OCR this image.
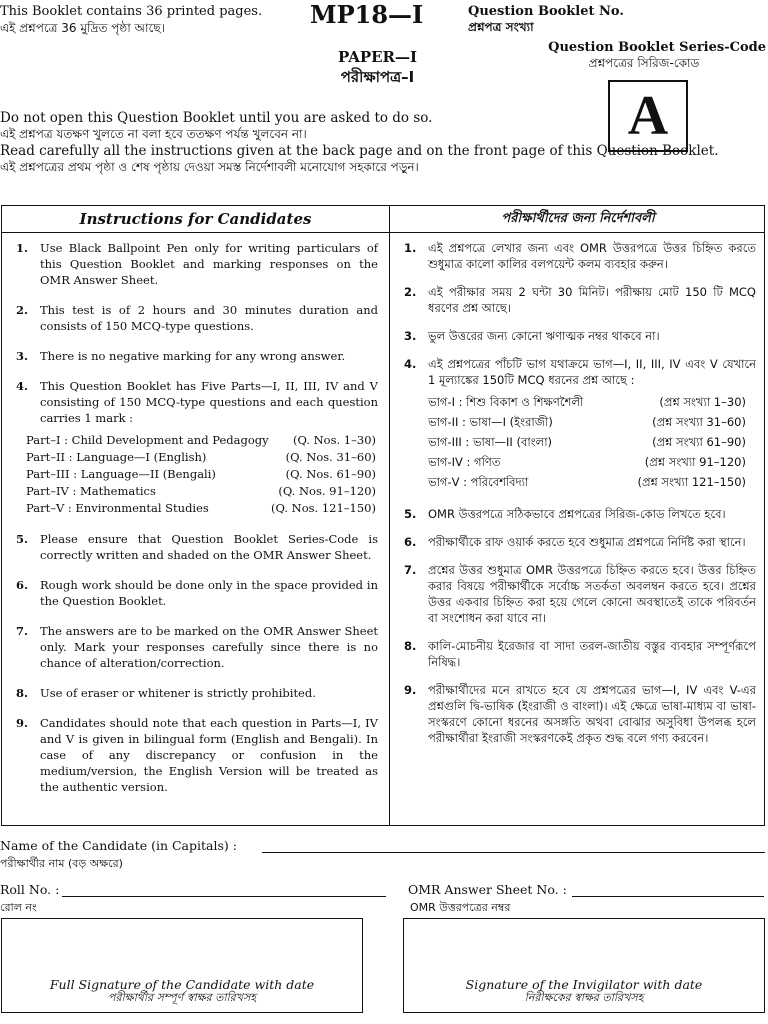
This Booklet contains 36 printed pages.
এই প্রশ্নপত্রে 36 মুদ্রিত পৃষ্ঠা আছে।	MP18—I
PAPER—I
পরীক্ষাপত্র–I
Question Booklet No.
প্রশ্নপত্র সংখ্যা
Question Booklet Series-Code
প্রশ্নপত্রের সিরিজ-কোড
A

Do not open this Question Booklet until you are asked to do so.

এই প্রশ্নপত্র যতক্ষণ খুলতে না বলা হবে ততক্ষণ পর্যন্ত খুলবেন না।

Read carefully all the instructions given at the back page and on the front page of this Question Booklet.

এই প্রশ্নপত্রের প্রথম পৃষ্ঠা ও শেষ পৃষ্ঠায় দেওয়া সমস্ত নির্দেশাবলী মনোযোগ সহকারে পড়ুন।

Instructions for Candidates	পরীক্ষার্থীদের জন্য নির্দেশাবলী
1.	Use Black Ballpoint Pen only for writing particulars of this Question Booklet and marking responses on the OMR Answer Sheet.
2.	This test is of 2 hours and 30 minutes duration and consists of 150 MCQ-type questions.
3.	There is no negative marking for any wrong answer.
4.	This Question Booklet has Five Parts—I, II, III, IV and V consisting of 150 MCQ-type questions and each question carries 1 mark :
Part–I : Child Development and Pedagogy (Q. Nos. 1–30)
Part–II : Language—I (English)	(Q. Nos. 31–60)
Part–III : Language—II (Bengali)	(Q. Nos. 61–90)
Part–IV : Mathematics	(Q. Nos. 91–120)
Part–V : Environmental Studies	(Q. Nos. 121–150)
5.	Please ensure that Question Booklet Series-Code is correctly written and shaded on the OMR Answer Sheet.
6.	Rough work should be done only in the space provided in the Question Booklet.
7.	The answers are to be marked on the OMR Answer Sheet only. Mark your responses carefully since there is no chance of alteration/correction.
8.	Use of eraser or whitener is strictly prohibited.
9.	Candidates should note that each question in Parts—I, IV and V is given in bilingual form (English and Bengali). In case of any discrepancy or confusion in the medium/version, the English Version will be treated as the authentic version.
1.	এই প্রশ্নপত্রে লেখার জন্য এবং OMR উত্তরপত্রে উত্তর চিহ্নিত করতে শুধুমাত্র কালো কালির বলপয়েন্ট কলম ব্যবহার করুন।
2.	এই পরীক্ষার সময় 2 ঘন্টা 30 মিনিট। পরীক্ষায় মোট 150 টি MCQ ধরণের প্রশ্ন আছে।
3.	ভুল উত্তরের জন্য কোনো ঋণাত্মক নম্বর থাকবে না।
4.	এই প্রশ্নপত্রের পাঁচটি ভাগ যথাক্রমে ভাগ—I, II, III, IV এবং V যেখানে 1 মূল্যাঙ্কের 150টি MCQ ধরনের প্রশ্ন আছে :
ভাগ-I : শিশু বিকাশ ও শিক্ষণশৈলী	(প্রশ্ন সংখ্যা 1–30)
ভাগ-II : ভাষা—I (ইংরাজী)	(প্রশ্ন সংখ্যা 31–60)
ভাগ-III : ভাষা—II (বাংলা)	(প্রশ্ন সংখ্যা 61–90)
ভাগ-IV : গণিত	(প্রশ্ন সংখ্যা 91–120)
ভাগ-V : পরিবেশবিদ্যা	(প্রশ্ন সংখ্যা 121–150)
5.	OMR উত্তরপত্রে সঠিকভাবে প্রশ্নপত্রের সিরিজ-কোড লিখতে হবে।
6.	পরীক্ষার্থীকে রাফ ওয়ার্ক করতে হবে শুধুমাত্র প্রশ্নপত্রে নির্দিষ্ট করা স্থানে।
7.	প্রশ্নের উত্তর শুধুমাত্র OMR উত্তরপত্রে চিহ্নিত করতে হবে। উত্তর চিহ্নিত করার বিষয়ে পরীক্ষার্থীকে সর্বোচ্চ সতর্কতা অবলম্বন করতে হবে। প্রশ্নের উত্তর একবার চিহ্নিত করা হয়ে গেলে কোনো অবস্থাতেই তাকে পরিবর্তন বা সংশোধন করা যাবে না।
8.	কালি-মোচনীয় ইরেজার বা সাদা তরল-জাতীয় বস্তুর ব্যবহার সম্পূর্ণরূপে নিষিদ্ধ।
9.	পরীক্ষার্থীদের মনে রাখতে হবে যে প্রশ্নপত্রের ভাগ—I, IV এবং V-এর প্রশ্নগুলি দ্বি-ভাষিক (ইংরাজী ও বাংলা)। এই ক্ষেত্রে ভাষা-মাধ্যম বা ভাষা-সংস্করণে কোনো ধরনের অসঙ্গতি অথবা বোঝার অসুবিধা উপলব্ধ হলে পরীক্ষার্থীরা ইংরাজী সংস্করণকেই প্রকৃত শুদ্ধ বলে গণ্য করবেন।
Name of the Candidate (in Capitals) :
পরীক্ষার্থীর নাম (বড় অক্ষরে)
Roll No. :
রোল নং
OMR Answer Sheet No. :
OMR উত্তরপত্রের নম্বর
Full Signature of the Candidate with date
পরীক্ষার্থীর সম্পূর্ণ স্বাক্ষর তারিখসহ
Signature of the Invigilator with date
নিরীক্ষকের স্বাক্ষর তারিখসহ
